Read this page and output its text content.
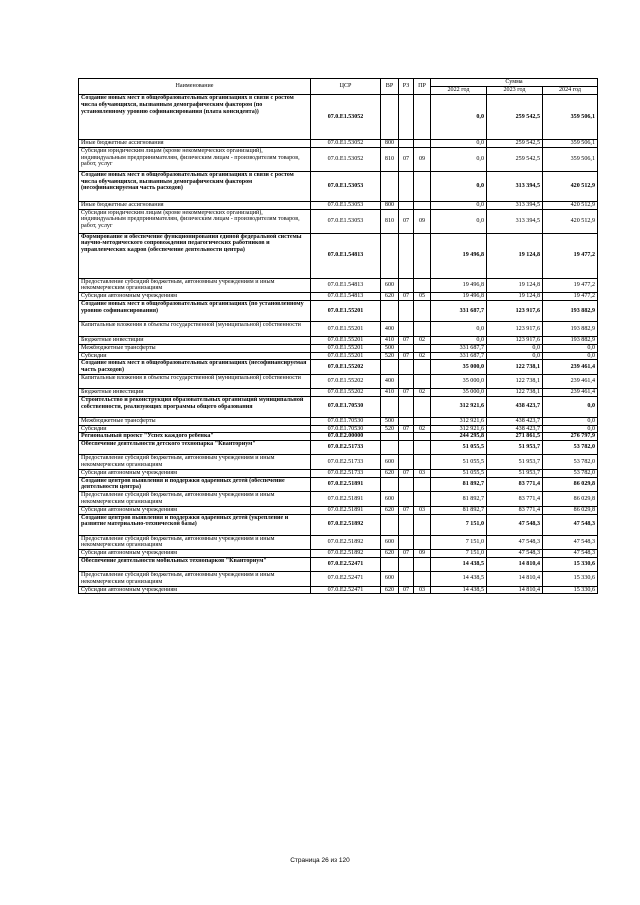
Наименование	ЦСР	ВР	РЗ	ПР	Сумма		
					2022 год	2023 год	2024 год
Создание новых мест в общеобразовательных организациях в связи с ростом числа обучающихся, вызванным демографическим фактором (по установленному уровню софинансирования (плата консидента))	07.0.Е1.53052				0,0	259 542,5	359 506,1
Иные бюджетные ассигнования	07.0.Е1.53052	800			0,0	259 542,5	359 506,1
Субсидии юридическим лицам (кроме некоммерческих организаций), индивидуальным предпринимателям, физическим лицам - производителям товаров, работ, услуг	07.0.Е1.53052	810	07	09	0,0	259 542,5	359 506,1
Создание новых мест в общеобразовательных организациях в связи с ростом числа обучающихся, вызванным демографическим фактором (несофинансируемая часть расходов)	07.0.Е1.53053				0,0	313 394,5	420 512,9
Иные бюджетные ассигнования	07.0.Е1.53053	800			0,0	313 394,5	420 512,9
Субсидии юридическим лицам (кроме некоммерческих организаций), индивидуальным предпринимателям, физическим лицам - производителям товаров, работ, услуг	07.0.Е1.53053	810	07	09	0,0	313 394,5	420 512,9
Формирование и обеспечение функционирования единой федеральной системы научно-методического сопровождения педагогических работников и управленческих кадров (обеспечение деятельности центра)	07.0.Е1.54813				19 496,8	19 124,8	19 477,2
Предоставление субсидий бюджетным, автономным учреждениям и иным некоммерческим организациям	07.0.Е1.54813	600			19 496,8	19 124,8	19 477,2
Субсидии автономным учреждениям	07.0.Е1.54813	620	07	05	19 496,8	19 124,8	19 477,2
Создание новых мест в общеобразовательных организациях (по установленному уровню софинансирования)	07.0.Е1.55201				331 687,7	123 917,6	193 882,9
Капитальные вложения в объекты государственной (муниципальной) собственности	07.0.Е1.55201	400			0,0	123 917,6	193 882,9
Бюджетные инвестиции	07.0.Е1.55201	410	07	02	0,0	123 917,6	193 882,9
Межбюджетные трансферты	07.0.Е1.55201	500			331 687,7	0,0	0,0
Субсидии	07.0.Е1.55201	520	07	02	331 687,7	0,0	0,0
Создание новых мест в общеобразовательных организациях (несофинансируемая часть расходов)	07.0.Е1.55202				35 000,0	122 738,1	239 461,4
Капитальные вложения в объекты государственной (муниципальной) собственности	07.0.Е1.55202	400			35 000,0	122 738,1	239 461,4
Бюджетные инвестиции	07.0.Е1.55202	410	07	02	35 000,0	122 738,1	239 461,4
Строительство и реконструкция образовательных организаций муниципальной собственности, реализующих программы общего образования	07.0.Е1.70530				312 921,6	438 423,7	0,0
Межбюджетные трансферты	07.0.Е1.70530	500			312 921,6	438 423,7	0,0
Субсидии	07.0.Е1.70530	520	07	02	312 921,6	438 423,7	0,0
Региональный проект "Успех каждого ребенка"	07.0.Е2.00000				244 295,8	271 861,5	276 797,9
Обеспечение деятельности детского технопарка "Кванториум"	07.0.Е2.51733				51 055,5	51 953,7	53 782,0
Предоставление субсидий бюджетным, автономным учреждениям и иным некоммерческим организациям	07.0.Е2.51733	600			51 055,5	51 953,7	53 782,0
Субсидии автономным учреждениям	07.0.Е2.51733	620	07	03	51 055,5	51 953,7	53 782,0
Создание центров выявления и поддержки одаренных детей (обеспечение деятельности центра)	07.0.Е2.51891				81 892,7	83 771,4	86 029,8
Предоставление субсидий бюджетным, автономным учреждениям и иным некоммерческим организациям	07.0.Е2.51891	600			81 892,7	83 771,4	86 029,8
Субсидии автономным учреждениям	07.0.Е2.51891	620	07	03	81 892,7	83 771,4	86 029,8
Создание центров выявления и поддержки одаренных детей (укрепление и развитие материально-технической базы)	07.0.Е2.51892				7 151,0	47 548,3	47 548,3
Предоставление субсидий бюджетным, автономным учреждениям и иным некоммерческим организациям	07.0.Е2.51892	600			7 151,0	47 548,3	47 548,3
Субсидии автономным учреждениям	07.0.Е2.51892	620	07	09	7 151,0	47 548,3	47 548,3
Обеспечение деятельности мобильных технопарков "Кванториум"	07.0.Е2.52471				14 438,5	14 810,4	15 330,6
Предоставление субсидий бюджетным, автономным учреждениям и иным некоммерческим организациям	07.0.Е2.52471	600			14 438,5	14 810,4	15 330,6
Субсидии автономным учреждениям	07.0.Е2.52471	620	07	03	14 438,5	14 810,4	15 330,6
Страница 26 из 120
